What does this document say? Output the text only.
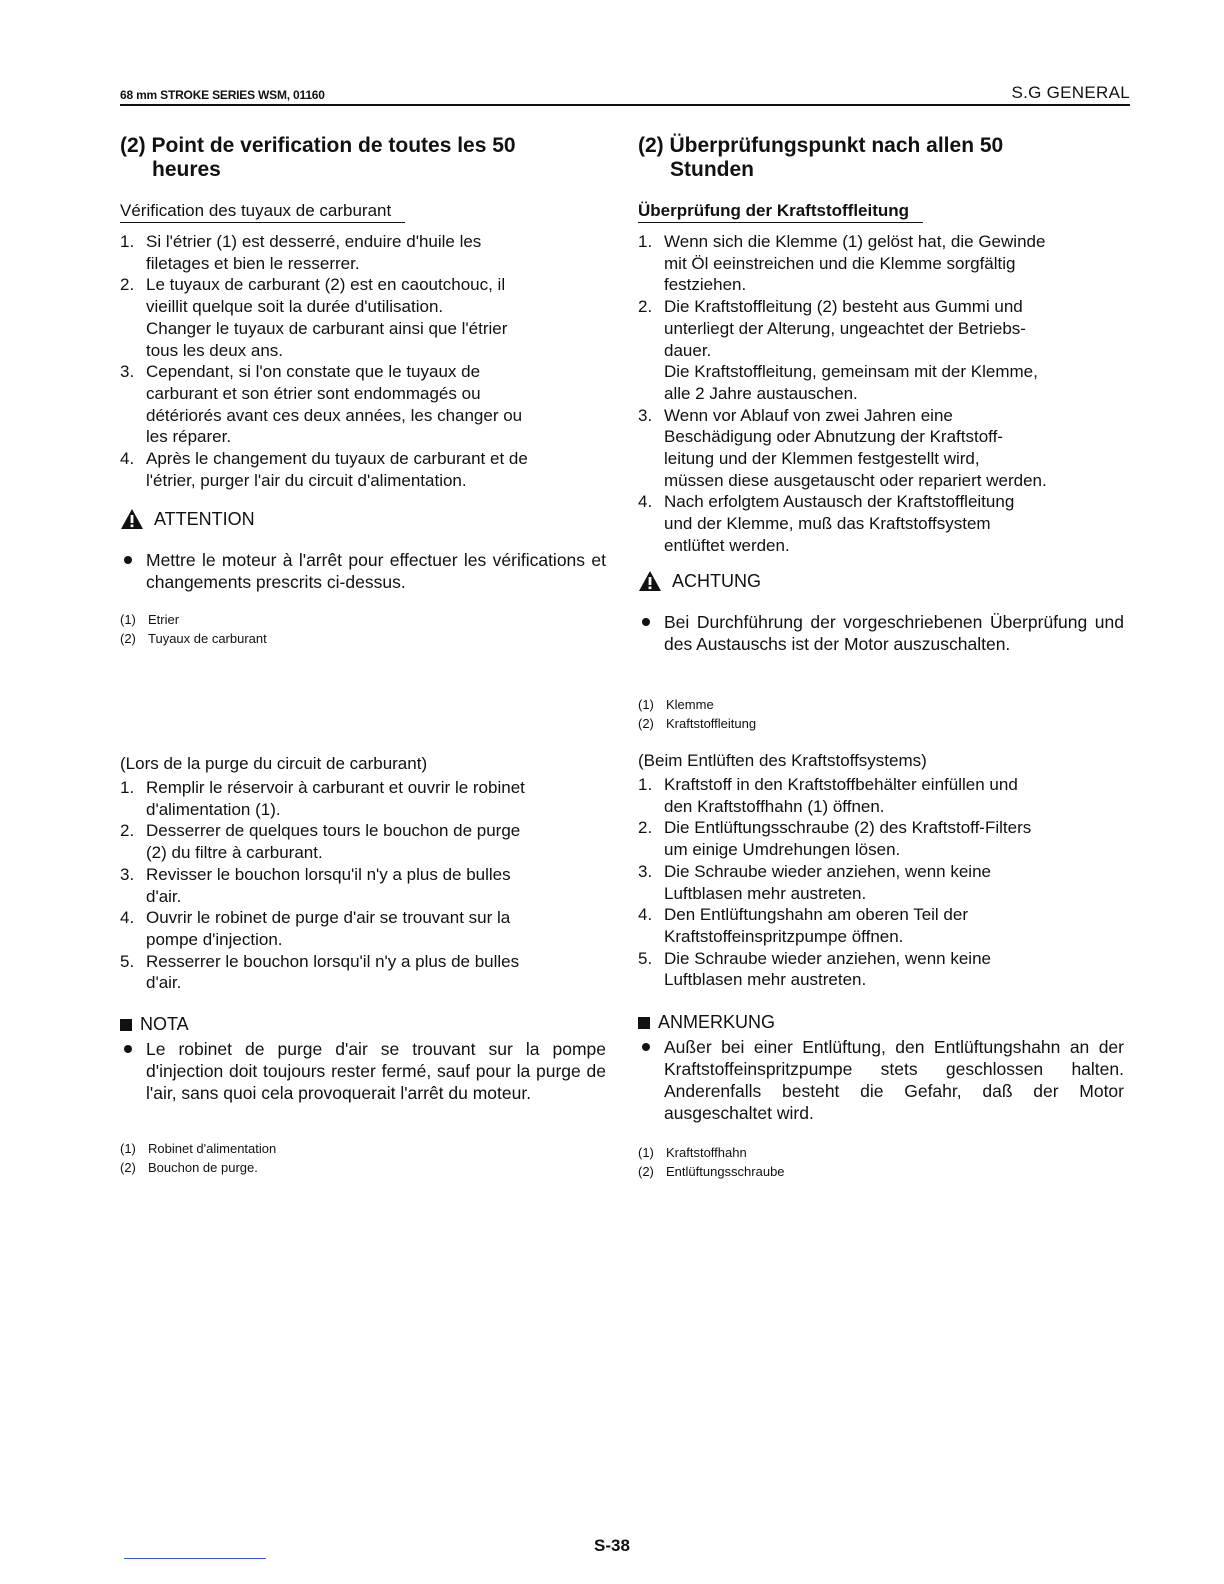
68 mm STROKE SERIES WSM, 01160	S.G GENERAL
(2) Point de verification de toutes les 50
heures
Vérification des tuyaux de carburant
1. Si l'étrier (1) est desserré, enduire d'huile les
filetages et bien le resserrer.
2. Le tuyaux de carburant (2) est en caoutchouc, il
vieillit quelque soit la durée d'utilisation.
Changer le tuyaux de carburant ainsi que l'étrier
tous les deux ans.
3. Cependant, si l'on constate que le tuyaux de
carburant et son étrier sont endommagés ou
détériorés avant ces deux années, les changer ou
les réparer.
4. Après le changement du tuyaux de carburant et de
l'étrier, purger l'air du circuit d'alimentation.
ATTENTION
Mettre le moteur à l'arrêt pour effectuer les vérifications et changements prescrits ci-dessus.
(1) Etrier
(2) Tuyaux de carburant
(Lors de la purge du circuit de carburant)
1. Remplir le réservoir à carburant et ouvrir le robinet
d'alimentation (1).
2. Desserrer de quelques tours le bouchon de purge
(2) du filtre à carburant.
3. Revisser le bouchon lorsqu'il n'y a plus de bulles
d'air.
4. Ouvrir le robinet de purge d'air se trouvant sur la
pompe d'injection.
5. Resserrer le bouchon lorsqu'il n'y a plus de bulles
d'air.
NOTA
Le robinet de purge d'air se trouvant sur la pompe d'injection doit toujours rester fermé, sauf pour la purge de l'air, sans quoi cela provoquerait l'arrêt du moteur.
(1) Robinet d'alimentation
(2) Bouchon de purge.
(2) Überprüfungspunkt nach allen 50
Stunden
Überprüfung der Kraftstoffleitung
1. Wenn sich die Klemme (1) gelöst hat, die Gewinde
mit Öl eeinstreichen und die Klemme sorgfältig
festziehen.
2. Die Kraftstoffleitung (2) besteht aus Gummi und
unterliegt der Alterung, ungeachtet der Betriebs-
dauer.
Die Kraftstoffleitung, gemeinsam mit der Klemme,
alle 2 Jahre austauschen.
3. Wenn vor Ablauf von zwei Jahren eine
Beschädigung oder Abnutzung der Kraftstoff-
leitung und der Klemmen festgestellt wird,
müssen diese ausgetauscht oder repariert werden.
4. Nach erfolgtem Austausch der Kraftstoffleitung
und der Klemme, muß das Kraftstoffsystem
entlüftet werden.
ACHTUNG
Bei Durchführung der vorgeschriebenen Überprüfung und des Austauschs ist der Motor auszuschalten.
(1) Klemme
(2) Kraftstoffleitung
(Beim Entlüften des Kraftstoffsystems)
1. Kraftstoff in den Kraftstoffbehälter einfüllen und
den Kraftstoffhahn (1) öffnen.
2. Die Entlüftungsschraube (2) des Kraftstoff-Filters
um einige Umdrehungen lösen.
3. Die Schraube wieder anziehen, wenn keine
Luftblasen mehr austreten.
4. Den Entlüftungshahn am oberen Teil der
Kraftstoffeinspritzpumpe öffnen.
5. Die Schraube wieder anziehen, wenn keine
Luftblasen mehr austreten.
ANMERKUNG
Außer bei einer Entlüftung, den Entlüftungshahn an der Kraftstoffeinspritzpumpe stets geschlossen halten. Anderenfalls besteht die Gefahr, daß der Motor ausgeschaltet wird.
(1) Kraftstoffhahn
(2) Entlüftungsschraube
S-38
